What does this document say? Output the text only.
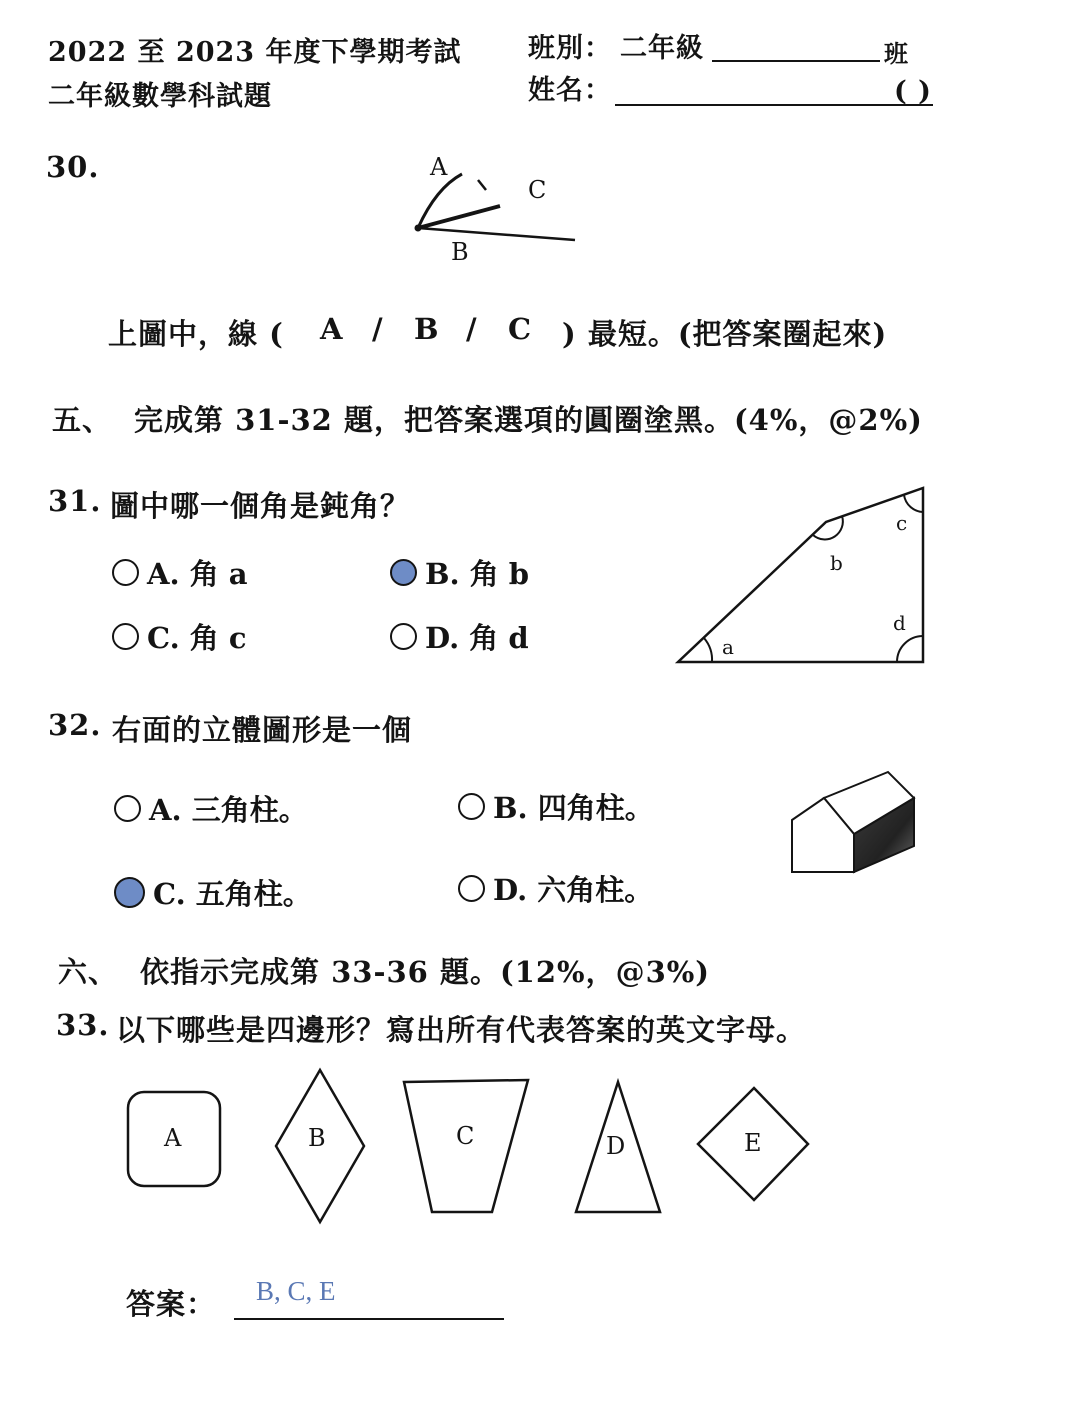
2022 至 2023 年度下學期考試
二年級數學科試題
班別： 二年級	班
姓名：	( )
30.	A
C
B
上圖中，線 ( A / B / C ) 最短。(把答案圈起來)
五、 完成第 31-32 題，把答案選項的圓圈塗黑。(4%，@2%)
31. 圖中哪一個角是鈍角？
A. 角 a	B. 角 b
C. 角 c	D. 角 d	a
b
c
d
32. 右面的立體圖形是一個
A. 三角柱。	B. 四角柱。
C. 五角柱。	D. 六角柱。
六、 依指示完成第 33-36 題。(12%，@3%)
33. 以下哪些是四邊形？寫出所有代表答案的英文字母。
A	B	C	D	E
答案： B, C, E
